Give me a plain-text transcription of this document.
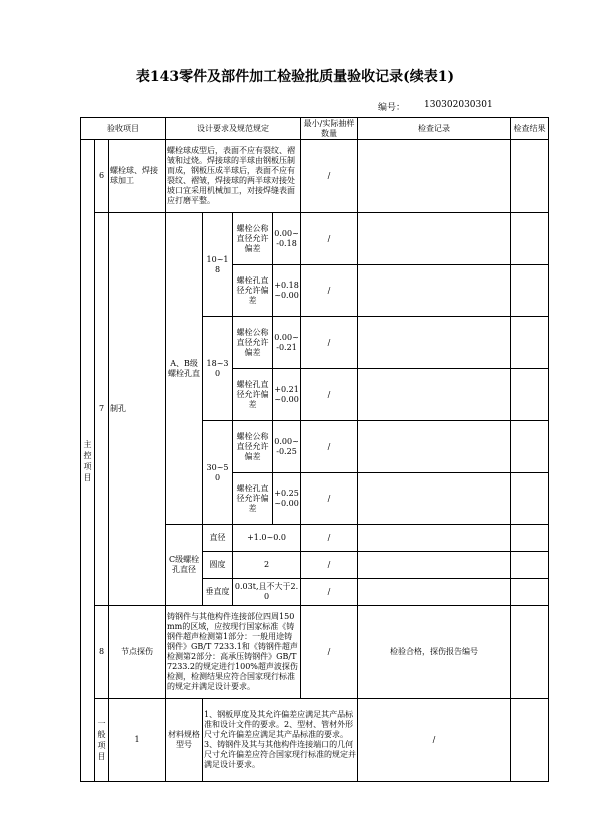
表143零件及部件加工检验批质量验收记录(续表1)
编号： 130302030301
验收项目			设计要求及规范规定				最小/实际抽样数量	检查记录	检查结果	
主控项目	6	螺栓球、焊接球加工	螺栓球成型后，表面不应有裂纹、褶皱和过烧。焊接球的半球由钢板压制而成，钢板压成半球后，表面不应有裂纹、褶皱，焊接球的两半球对接处坡口宜采用机械加工，对接焊缝表面应打磨平整。				/			
	7	制孔	A、B级螺栓孔直	10~18	螺栓公称直径允许偏差	0.00~-0.18	/			
					螺栓孔直径允许偏差	+0.18~0.00	/			
				18~30	螺栓公称直径允许偏差	0.00~-0.21	/			
					螺栓孔直径允许偏差	+0.21~0.00	/			
				30~50	螺栓公称直径允许偏差	0.00~-0.25	/			
					螺栓孔直径允许偏差	+0.25~0.00	/			
			C级螺栓孔直径	直径	+1.0~0.0		/			
				圆度	2		/			
				垂直度	0.03t,且不大于2.0		/			
	8	节点探伤	铸钢件与其他构件连接部位四周150mm的区域，应按现行国家标准《铸钢件超声检测第1部分：一般用途铸钢件》GB/T 7233.1和《铸钢件超声检测第2部分：高承压铸钢件》GB/T 7233.2的规定进行100%超声波探伤检测，检测结果应符合国家现行标准的规定并满足设计要求。				/	检验合格，探伤报告编号		
	一般项目	1	材料规格型号	1、钢板厚度及其允许偏差应满足其产品标准和设计文件的要求。2、型材、管材外形尺寸允许偏差应满足其产品标准的要求。3、铸钢件及其与其他构件连接端口的几何尺寸允许偏差应符合国家现行标准的规定并满足设计要求。				/		
